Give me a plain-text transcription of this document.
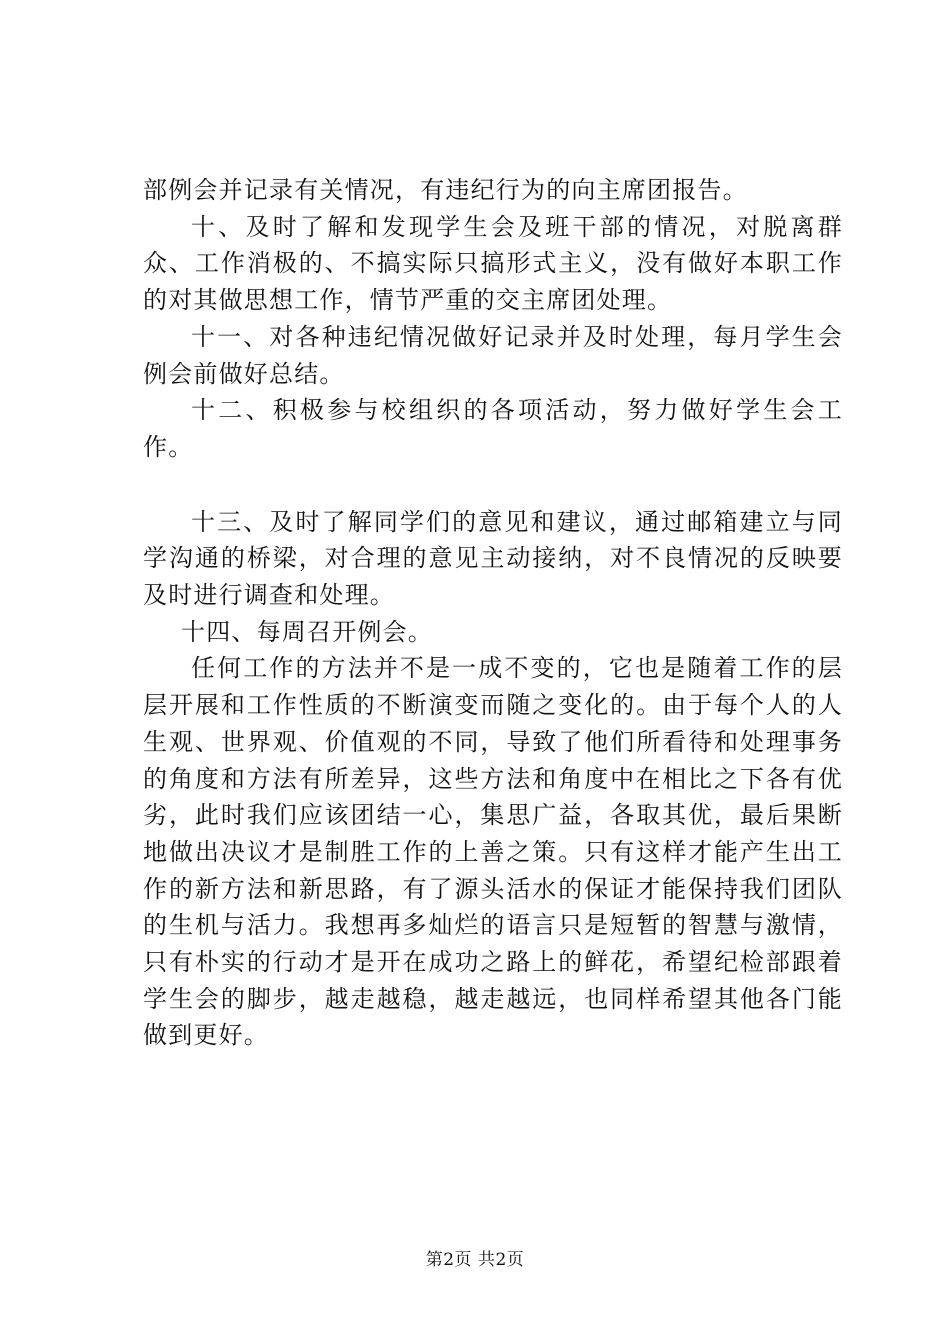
部例会并记录有关情况，有违纪行为的向主席团报告。

十、及时了解和发现学生会及班干部的情况，对脱离群众、工作消极的、不搞实际只搞形式主义，没有做好本职工作的对其做思想工作，情节严重的交主席团处理。

十一、对各种违纪情况做好记录并及时处理，每月学生会例会前做好总结。

十二、积极参与校组织的各项活动，努力做好学生会工作。

十三、及时了解同学们的意见和建议，通过邮箱建立与同学沟通的桥梁，对合理的意见主动接纳，对不良情况的反映要及时进行调查和处理。

十四、每周召开例会。

任何工作的方法并不是一成不变的，它也是随着工作的层层开展和工作性质的不断演变而随之变化的。由于每个人的人生观、世界观、价值观的不同，导致了他们所看待和处理事务的角度和方法有所差异，这些方法和角度中在相比之下各有优劣，此时我们应该团结一心，集思广益，各取其优，最后果断地做出决议才是制胜工作的上善之策。只有这样才能产生出工作的新方法和新思路，有了源头活水的保证才能保持我们团队的生机与活力。我想再多灿烂的语言只是短暂的智慧与激情，只有朴实的行动才是开在成功之路上的鲜花，希望纪检部跟着学生会的脚步，越走越稳，越走越远，也同样希望其他各门能做到更好。

第2页 共2页
